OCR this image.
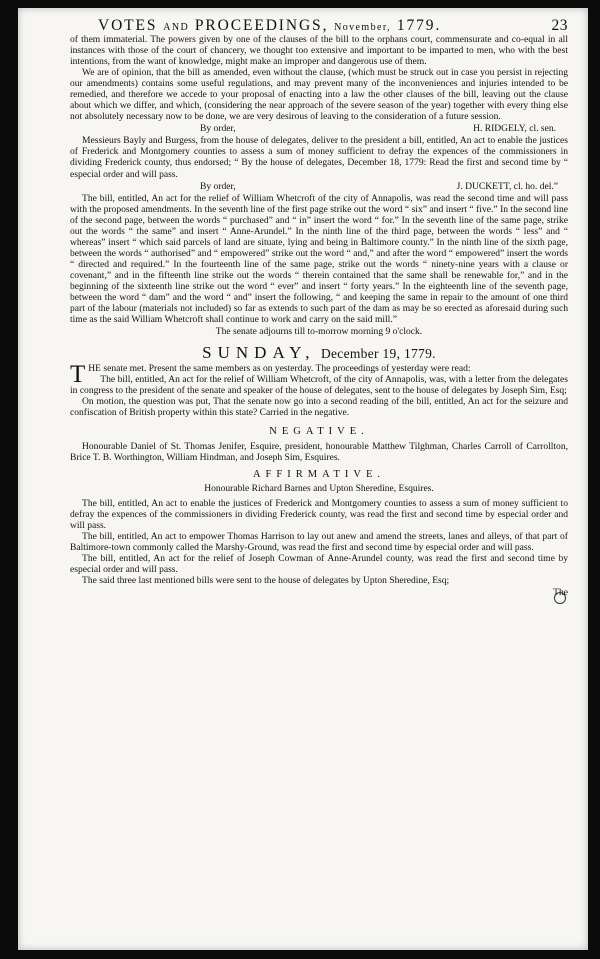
VOTES AND PROCEEDINGS, November, 1779.	23

of them immaterial. The powers given by one of the clauses of the bill to the orphans court, commensurate and co-equal in all instances with those of the court of chancery, we thought too extensive and important to be imparted to men, who with the best intentions, from the want of knowledge, might make an improper and dangerous use of them.

We are of opinion, that the bill as amended, even without the clause, (which must be struck out in case you persist in rejecting our amendments) contains some useful regulations, and may prevent many of the inconveniences and injuries intended to be remedied, and therefore we accede to your proposal of enacting into a law the other clauses of the bill, leaving out the clause about which we differ, and which, (considering the near approach of the severe season of the year) together with every thing else not absolutely necessary now to be done, we are very desirous of leaving to the consideration of a future session.

By order,	H. RIDGELY, cl. sen.

Messieurs Bayly and Burgess, from the house of delegates, deliver to the president a bill, entitled, An act to enable the justices of Frederick and Montgomery counties to assess a sum of money sufficient to defray the expences of the commissioners in dividing Frederick county, thus endorsed; “ By the house of delegates, December 18, 1779: Read the first and second time by “ especial order and will pass.

By order,	J. DUCKETT, cl. ho. del.”

The bill, entitled, An act for the relief of William Whetcroft of the city of Annapolis, was read the second time and will pass with the proposed amendments. In the seventh line of the first page strike out the word “ six” and insert “ five.” In the second line of the second page, between the words “ purchased” and “ in” insert the word “ for.” In the seventh line of the same page, strike out the words “ the same” and insert “ Anne-Arundel.” In the ninth line of the third page, between the words “ less” and “ whereas” insert “ which said parcels of land are situate, lying and being in Baltimore county.” In the ninth line of the sixth page, between the words “ authorised” and “ empowered” strike out the word “ and,” and after the word “ empowered” insert the words “ directed and required.” In the fourteenth line of the same page, strike out the words “ ninety-nine years with a clause or covenant,” and in the fifteenth line strike out the words “ therein contained that the same shall be renewable for,” and in the beginning of the sixteenth line strike out the word “ ever” and insert “ forty years.” In the eighteenth line of the seventh page, between the word “ dam” and the word “ and” insert the following, “ and keeping the same in repair to the amount of one third part of the labour (materials not included) so far as extends to such part of the dam as may be so erected as aforesaid during such time as the said William Whetcroft shall continue to work and carry on the said mill.”

The senate adjourns till to-morrow morning 9 o'clock.

SUNDAY, December 19, 1779.
T HE senate met. Present the same members as on yesterday. The proceedings of yesterday were read:

The bill, entitled, An act for the relief of William Whetcroft, of the city of Annapolis, was, with a letter from the delegates in congress to the president of the senate and speaker of the house of delegates, sent to the house of delegates by Joseph Sim, Esq;

On motion, the question was put, That the senate now go into a second reading of the bill, entitled, An act for the seizure and confiscation of British property within this state? Carried in the negative.

NEGATIVE.

Honourable Daniel of St. Thomas Jenifer, Esquire, president, honourable Matthew Tilghman, Charles Carroll of Carrollton, Brice T. B. Worthington, William Hindman, and Joseph Sim, Esquires.

AFFIRMATIVE.

Honourable Richard Barnes and Upton Sheredine, Esquires.

The bill, entitled, An act to enable the justices of Frederick and Montgomery counties to assess a sum of money sufficient to defray the expences of the commissioners in dividing Frederick county, was read the first and second time by especial order and will pass.

The bill, entitled, An act to empower Thomas Harrison to lay out anew and amend the streets, lanes and alleys, of that part of Baltimore-town commonly called the Marshy-Ground, was read the first and second time by especial order and will pass.

The bill, entitled, An act for the relief of Joseph Cowman of Anne-Arundel county, was read the first and second time by especial order and will pass.

The said three last mentioned bills were sent to the house of delegates by Upton Sheredine, Esq;

The
